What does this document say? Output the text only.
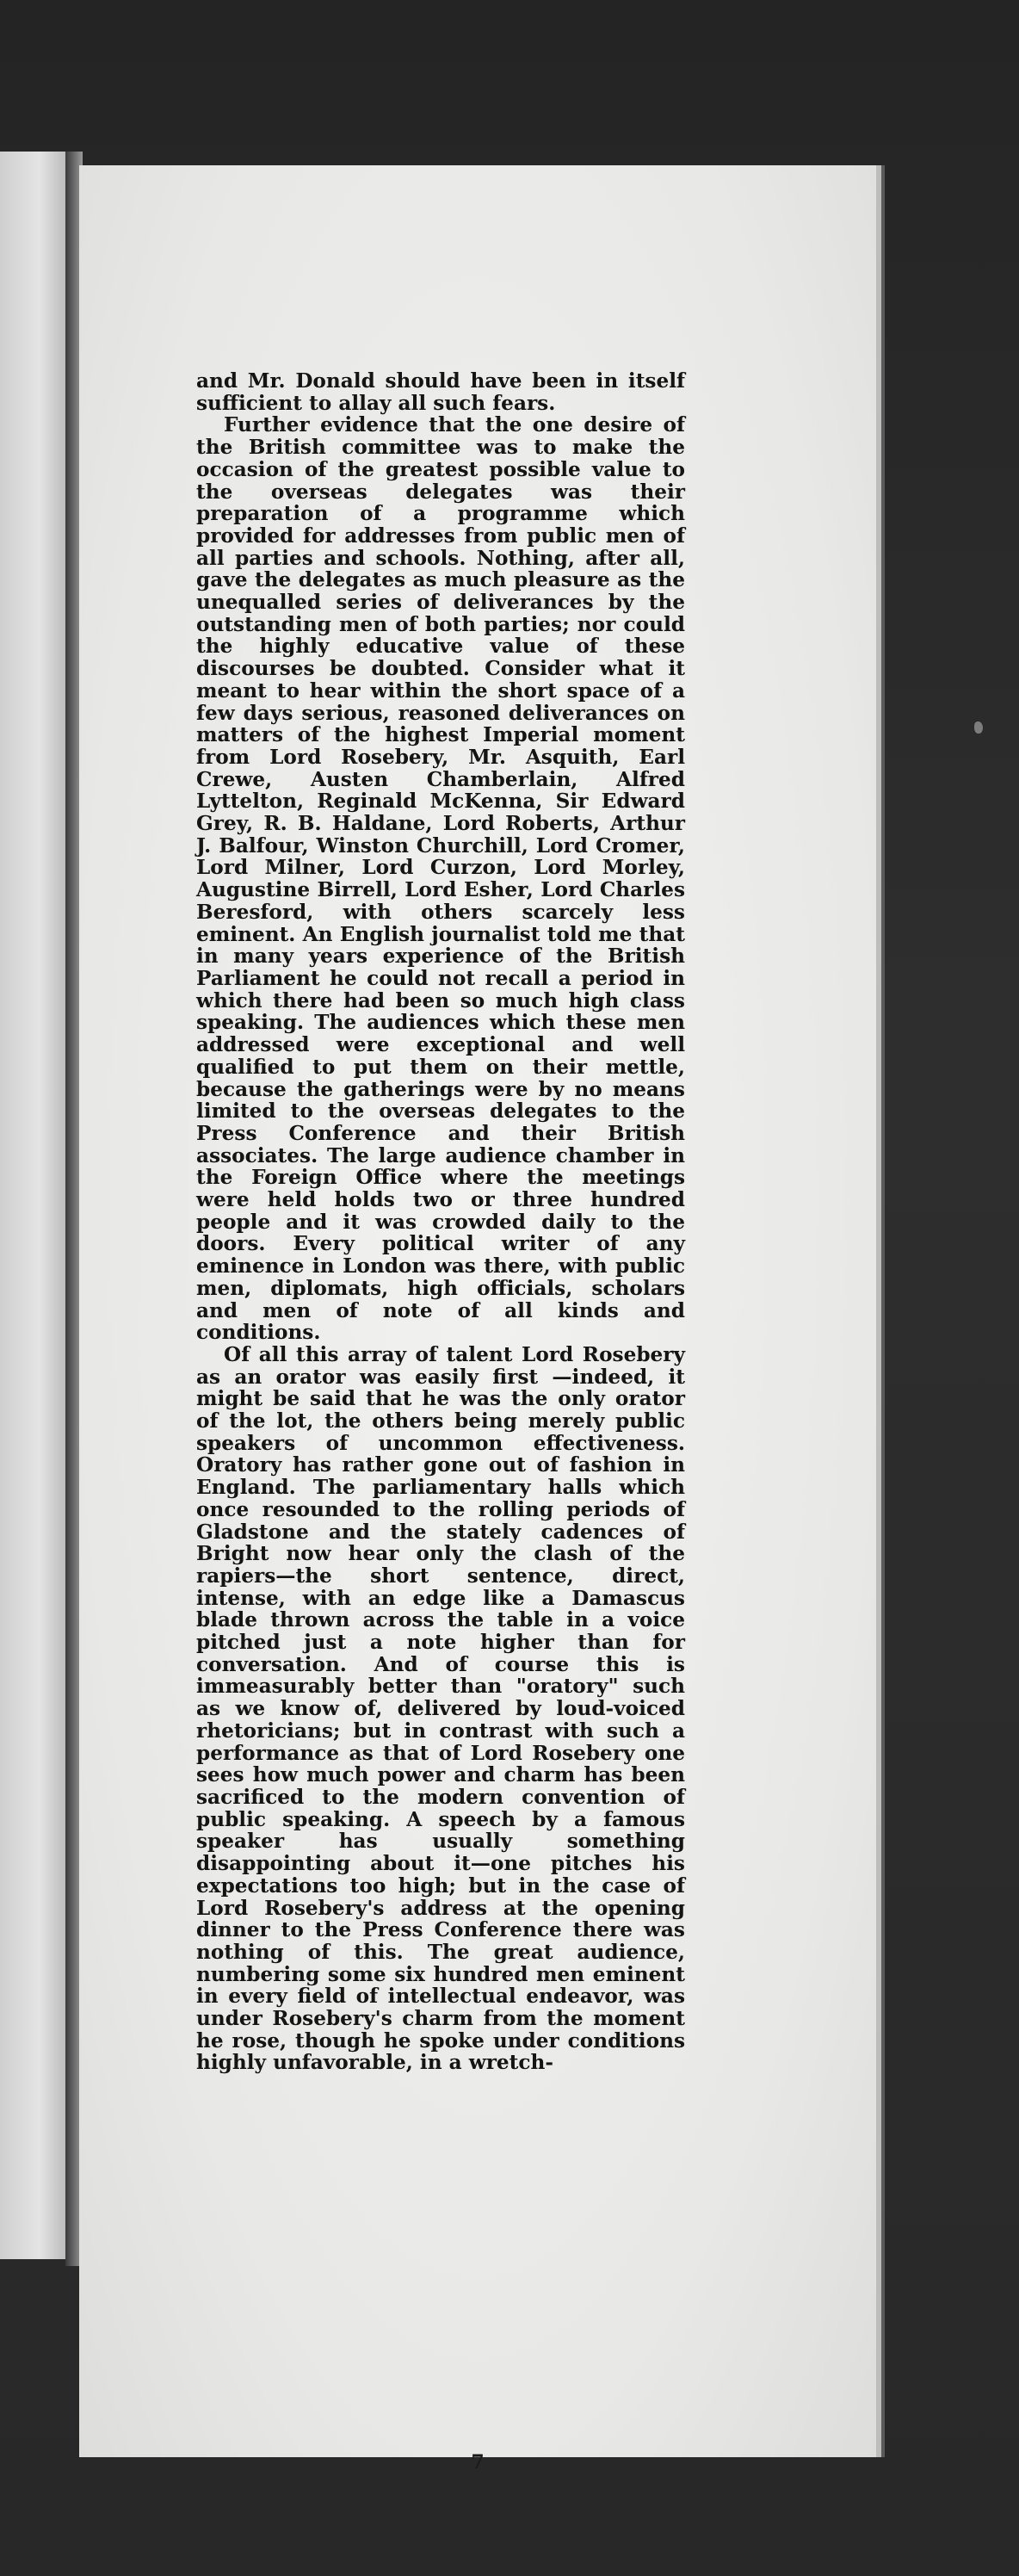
7

and Mr. Donald should have been in itself sufficient to allay all such fears.

Further evidence that the one desire of the British committee was to make the occasion of the greatest possible value to the overseas delegates was their preparation of a programme which provided for addresses from public men of all parties and schools. Nothing, after all, gave the delegates as much pleasure as the unequalled series of deliverances by the outstanding men of both parties; nor could the highly educative value of these discourses be doubted. Consider what it meant to hear within the short space of a few days serious, reasoned deliverances on matters of the highest Imperial moment from Lord Rosebery, Mr. Asquith, Earl Crewe, Austen Chamberlain, Alfred Lyttelton, Reginald McKenna, Sir Edward Grey, R. B. Haldane, Lord Roberts, Arthur J. Balfour, Winston Churchill, Lord Cromer, Lord Milner, Lord Curzon, Lord Morley, Augustine Birrell, Lord Esher, Lord Charles Beresford, with others scarcely less eminent. An English journalist told me that in many years experience of the British Parliament he could not recall a period in which there had been so much high class speaking. The audiences which these men addressed were exceptional and well qualified to put them on their mettle, because the gatherings were by no means limited to the overseas delegates to the Press Conference and their British associates. The large audience chamber in the Foreign Office where the meetings were held holds two or three hundred people and it was crowded daily to the doors. Every political writer of any eminence in London was there, with public men, diplomats, high officials, scholars and men of note of all kinds and conditions.

Of all this array of talent Lord Rosebery as an orator was easily first —indeed, it might be said that he was the only orator of the lot, the others being merely public speakers of uncommon effectiveness. Oratory has rather gone out of fashion in England. The parliamentary halls which once resounded to the rolling periods of Gladstone and the stately cadences of Bright now hear only the clash of the rapiers—the short sentence, direct, intense, with an edge like a Damascus blade thrown across the table in a voice pitched just a note higher than for conversation. And of course this is immeasurably better than "oratory" such as we know of, delivered by loud-voiced rhetoricians; but in contrast with such a performance as that of Lord Rosebery one sees how much power and charm has been sacrificed to the modern convention of public speaking. A speech by a famous speaker has usually something disappointing about it—one pitches his expectations too high; but in the case of Lord Rosebery's address at the opening dinner to the Press Conference there was nothing of this. The great audience, numbering some six hundred men eminent in every field of intellectual endeavor, was under Rosebery's charm from the moment he rose, though he spoke under conditions highly unfavorable, in a wretch-
